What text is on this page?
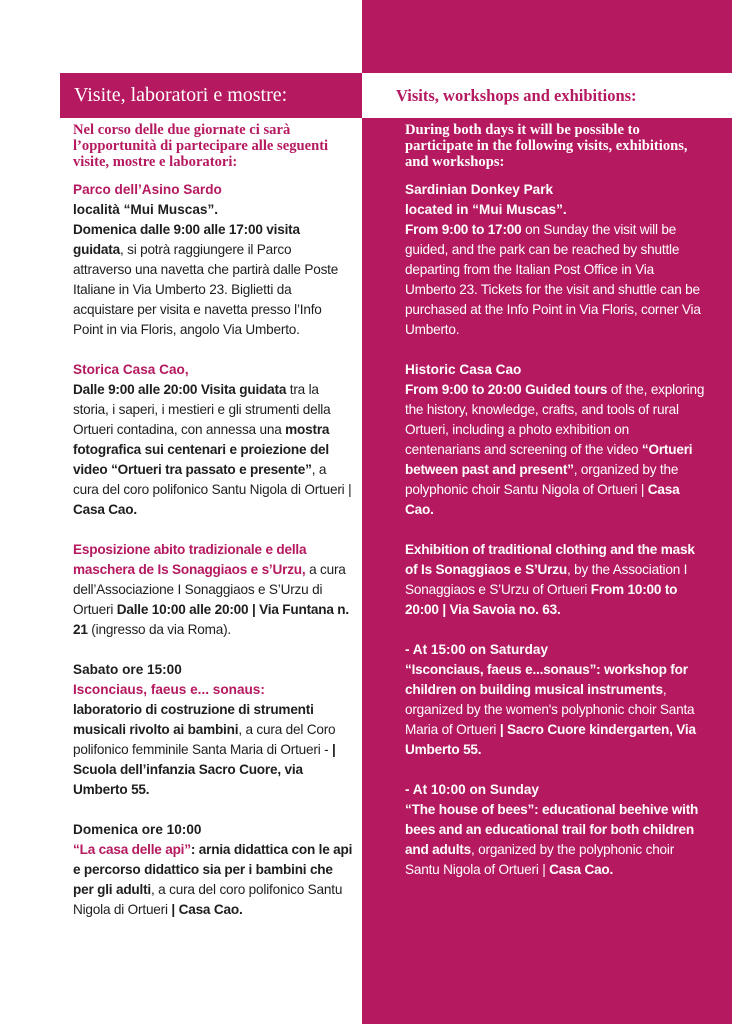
Visite, laboratori e mostre:	Visits, workshops and exhibitions:

Nel corso delle due giornate ci sarà l’opportunità di partecipare alle seguenti visite, mostre e laboratori:

Parco dell’Asino Sardo

località “Mui Muscas”.

Domenica dalle 9:00 alle 17:00 visita guidata, si potrà raggiungere il Parco attraverso una navetta che partirà dalle Poste Italiane in Via Umberto 23. Biglietti da acquistare per visita e navetta presso l’Info Point in via Floris, angolo Via Umberto.

Storica Casa Cao,

Dalle 9:00 alle 20:00 Visita guidata tra la storia, i saperi, i mestieri e gli strumenti della Ortueri contadina, con annessa una mostra fotografica sui centenari e proiezione del video “Ortueri tra passato e presente”, a cura del coro polifonico Santu Nigola di Ortueri | Casa Cao.

Esposizione abito tradizionale e della maschera de Is Sonaggiaos e s’Urzu, a cura dell’Associazione I Sonaggiaos e S’Urzu di Ortueri Dalle 10:00 alle 20:00 | Via Funtana n. 21 (ingresso da via Roma).

Sabato ore 15:00

Isconciaus, faeus e... sonaus:

laboratorio di costruzione di strumenti musicali rivolto ai bambini, a cura del Coro polifonico femminile Santa Maria di Ortueri - | Scuola dell’infanzia Sacro Cuore, via Umberto 55.

Domenica ore 10:00

“La casa delle api”: arnia didattica con le api e percorso didattico sia per i bambini che per gli adulti, a cura del coro polifonico Santu Nigola di Ortueri | Casa Cao.

During both days it will be possible to participate in the following visits, exhibitions, and workshops:

Sardinian Donkey Park

located in “Mui Muscas”.

From 9:00 to 17:00 on Sunday the visit will be guided, and the park can be reached by shuttle departing from the Italian Post Office in Via Umberto 23. Tickets for the visit and shuttle can be purchased at the Info Point in Via Floris, corner Via Umberto.

Historic Casa Cao

From 9:00 to 20:00 Guided tours of the, exploring the history, knowledge, crafts, and tools of rural Ortueri, including a photo exhibition on centenarians and screening of the video “Ortueri between past and present”, organized by the polyphonic choir Santu Nigola of Ortueri | Casa Cao.

Exhibition of traditional clothing and the mask of Is Sonaggiaos e S’Urzu, by the Association I Sonaggiaos e S’Urzu of Ortueri From 10:00 to 20:00 | Via Savoia no. 63.

- At 15:00 on Saturday

“Isconciaus, faeus e...sonaus”: workshop for children on building musical instruments, organized by the women's polyphonic choir Santa Maria of Ortueri | Sacro Cuore kindergarten, Via Umberto 55.

- At 10:00 on Sunday

“The house of bees”: educational beehive with bees and an educational trail for both children and adults, organized by the polyphonic choir Santu Nigola of Ortueri | Casa Cao.
